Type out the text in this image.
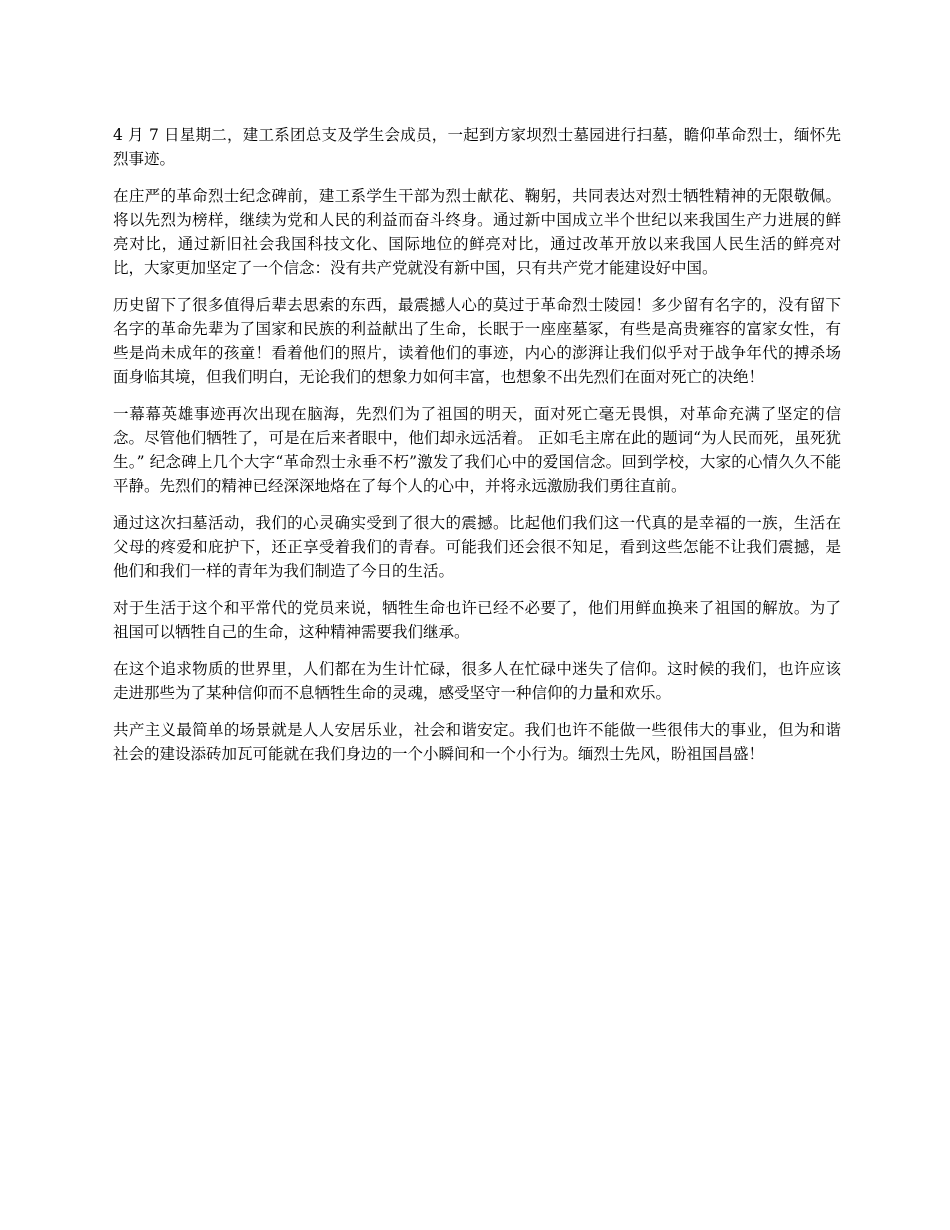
4 月 7 日星期二，建工系团总支及学生会成员，一起到方家坝烈士墓园进行扫墓，瞻仰革命烈士，缅怀先烈事迹。

在庄严的革命烈士纪念碑前，建工系学生干部为烈士献花、鞠躬，共同表达对烈士牺牲精神的无限敬佩。将以先烈为榜样，继续为党和人民的利益而奋斗终身。通过新中国成立半个世纪以来我国生产力进展的鲜亮对比，通过新旧社会我国科技文化、国际地位的鲜亮对比，通过改革开放以来我国人民生活的鲜亮对比，大家更加坚定了一个信念：没有共产党就没有新中国，只有共产党才能建设好中国。

历史留下了很多值得后辈去思索的东西，最震撼人心的莫过于革命烈士陵园！多少留有名字的，没有留下名字的革命先辈为了国家和民族的利益献出了生命，长眠于一座座墓冢，有些是高贵雍容的富家女性，有些是尚未成年的孩童！看着他们的照片，读着他们的事迹，内心的澎湃让我们似乎对于战争年代的搏杀场面身临其境，但我们明白，无论我们的想象力如何丰富，也想象不出先烈们在面对死亡的决绝！

一幕幕英雄事迹再次出现在脑海，先烈们为了祖国的明天，面对死亡毫无畏惧，对革命充满了坚定的信念。尽管他们牺牲了，可是在后来者眼中，他们却永远活着。 正如毛主席在此的题词“为人民而死，虽死犹生。” 纪念碑上几个大字“革命烈士永垂不朽”激发了我们心中的爱国信念。回到学校，大家的心情久久不能平静。先烈们的精神已经深深地烙在了每个人的心中，并将永远激励我们勇往直前。

通过这次扫墓活动，我们的心灵确实受到了很大的震撼。比起他们我们这一代真的是幸福的一族，生活在父母的疼爱和庇护下，还正享受着我们的青春。可能我们还会很不知足，看到这些怎能不让我们震撼，是他们和我们一样的青年为我们制造了今日的生活。

对于生活于这个和平常代的党员来说，牺牲生命也许已经不必要了，他们用鲜血换来了祖国的解放。为了祖国可以牺牲自己的生命，这种精神需要我们继承。

在这个追求物质的世界里，人们都在为生计忙碌，很多人在忙碌中迷失了信仰。这时候的我们，也许应该走进那些为了某种信仰而不息牺牲生命的灵魂，感受坚守一种信仰的力量和欢乐。

共产主义最简单的场景就是人人安居乐业，社会和谐安定。我们也许不能做一些很伟大的事业，但为和谐社会的建设添砖加瓦可能就在我们身边的一个小瞬间和一个小行为。缅烈士先风，盼祖国昌盛！
